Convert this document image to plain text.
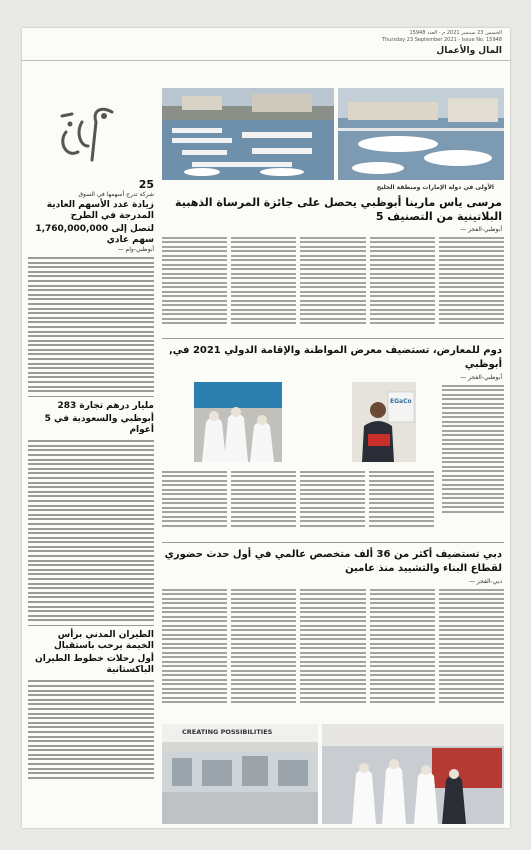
الخميس 23 سبتمبر 2021 م - العدد 15948
Thursday 23 September 2021 - Issue No. 15948
المال والأعمال
25
شركة تدرج أسهمها في السوق
زيادة عدد الأسهم العادية المدرجة في الطرح
لتصل إلى 1,760,000,000 سهم عادي
— أبوظبي-وام
283 مليار درهم تجارة
أبوظبي والسعودية في 5 أعوام
الطيران المدني برأس الخيمة يرحب باستقبال
أول رحلات خطوط الطيران الباكستانية
الأولى في دولة الإمارات ومنطقة الخليج
مرسى ياس مارينا أبوظبي يحصل على جائزة المرساة الذهبية البلاتينية من التصنيف 5
— أبوظبي-الفجر
,دوم للمعارض، تستضيف معرض المواطنة والإقامة الدولي 2021 في أبوظبي
— أبوظبي-الفجر
EGaCo
دبي تستضيف أكثر من 36 ألف متخصص عالمي في أول حدث حضوري لقطاع البناء والتشييد منذ عامين
— دبي-الفجر
CREATING POSSIBILITIES
